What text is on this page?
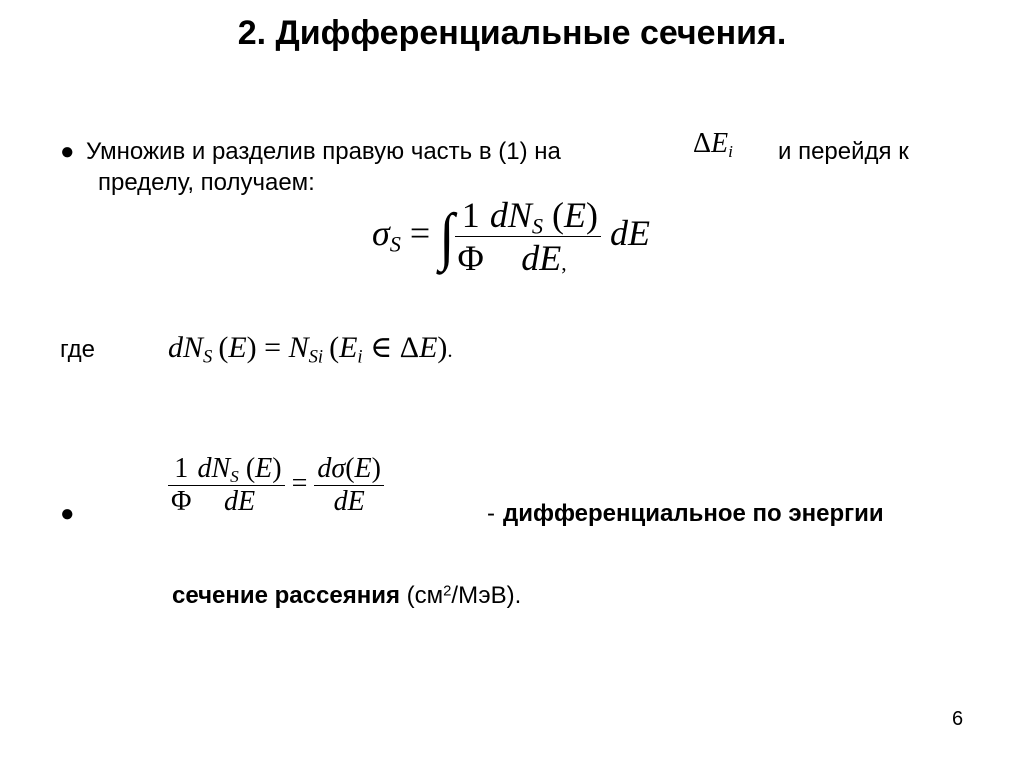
2. Дифференциальные сечения.
● Умножив и разделив правую часть в (1) на	$\Delta E_i$ и перейдя к
пределу, получаем:
$\sigma_S$ = ∫ $\frac{1}{\Phi} \frac{dN_S (E)}{dE,}$ dE
где $dN_S$  $(E) = N_{Si}$  ($E_i$ ∈ ΔE).
●	$\frac{1}{\Phi} \frac{dN_S (E)}{dE} = \frac{d\sigma(E)}{dE}$	- дифференциальное по энергии
сечение рассеяния $(см^2/МэВ)$.
6
